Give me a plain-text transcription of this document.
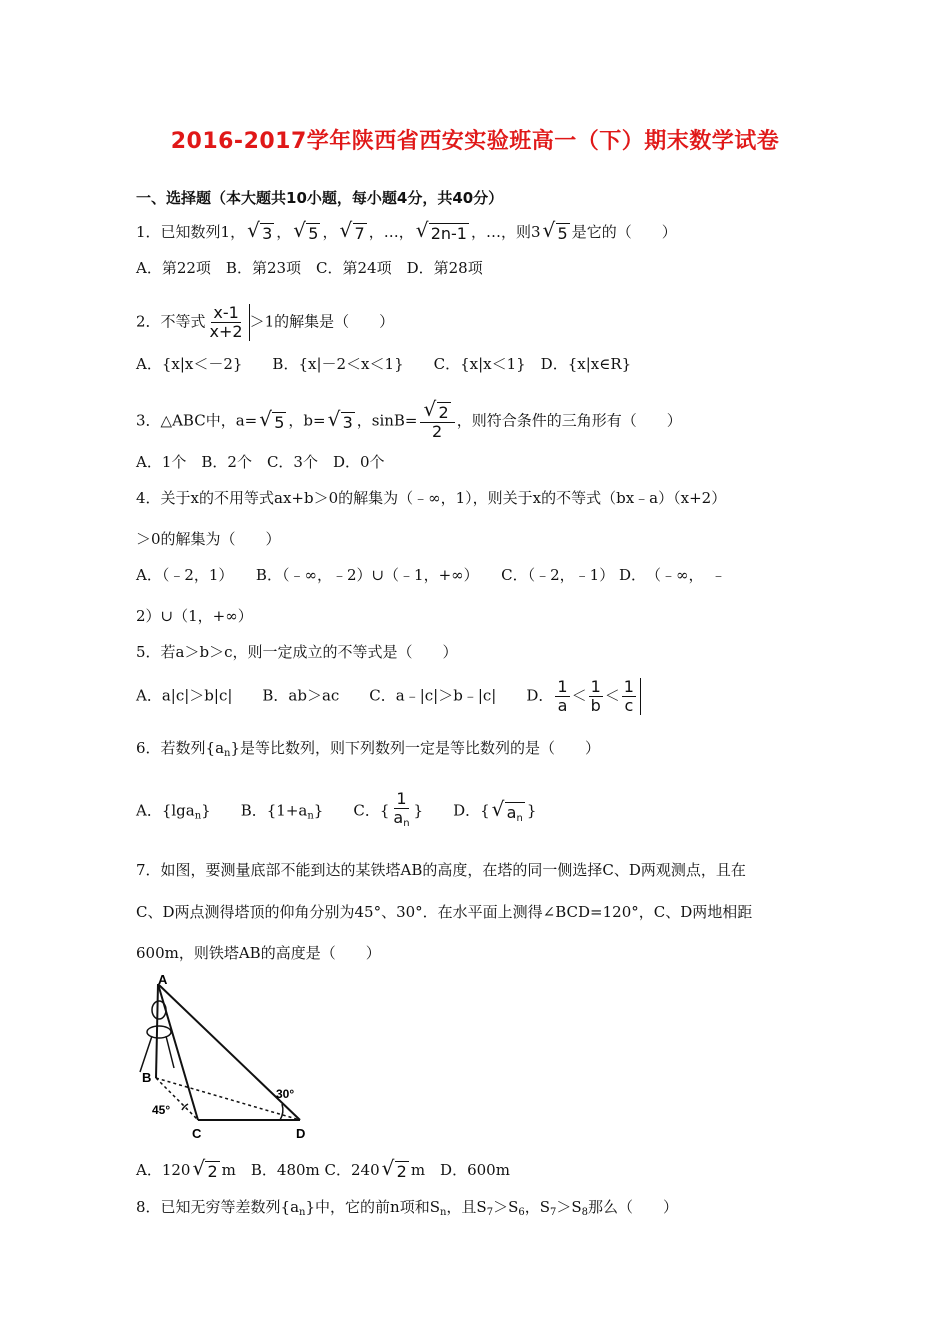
2016-2017学年陕西省西安实验班高一（下）期末数学试卷
一、选择题（本大题共10小题，每小题4分，共40分）
1．已知数列1， √ 3 ， √ 5 ， √ 7 ，…， √ 2n-1 ，…，则3 √ 5 是它的（　　）
A．第22项　B．第23项　C．第24项　D．第28项
2．不等式 $\frac{x-1}{x+2} >1$的解集是（　　）
A．{x|x＜－2}　　B．{x|－2＜x＜1}　　C．{x|x＜1}　D．{x|x∈R}
3．△ABC中，a= √ 5 ，b= √ 3 ，sinB= √ $\frac{2}{2}$ ，则符合条件的三角形有（　　）
A．1个　B．2个　C．3个　D．0个
4．关于x的不用等式ax+b＞0的解集为（﹣∞，1），则关于x的不等式（bx﹣a）（x+2）
＞0的解集为（　　）
A．（﹣2，1）　　B．（﹣∞，﹣2）∪（﹣1，+∞）　　C．（﹣2，﹣1） D．　（﹣∞，　﹣
2）∪（1，+∞）
5．若a＞b＞c，则一定成立的不等式是（　　）
A．a|c|＞b|c|　　B．ab＞ac　　C．a﹣|c|＞b﹣|c|　　D． $\frac{1}{a} < \frac{1}{b} < \frac{1}{c}$
6．若数列$\{a_n\}$是等比数列，则下列数列一定是等比数列的是（　　）
A．{lga$_n$}　　B．$\{1+a_n\}$　　C．{ $\frac{1}{a_n}$ }　　D．{ √ $a_n$ }
7．如图，要测量底部不能到达的某铁塔AB的高度，在塔的同一侧选择C、D两观测点，且在
C、D两点测得塔顶的仰角分别为45°、30°．在水平面上测得∠BCD=120°，C、D两地相距
600m，则铁塔AB的高度是（　　）
A
B
C	D
45°
30°
A．120 √ 2 m　B．480m C．240 √ 2 m　D．600m
8．已知无穷等差数列$\{a_n\}$中，它的前n项和$S_n$，且$S_7>S_6$，$S_7>S_8$那么（　　）
